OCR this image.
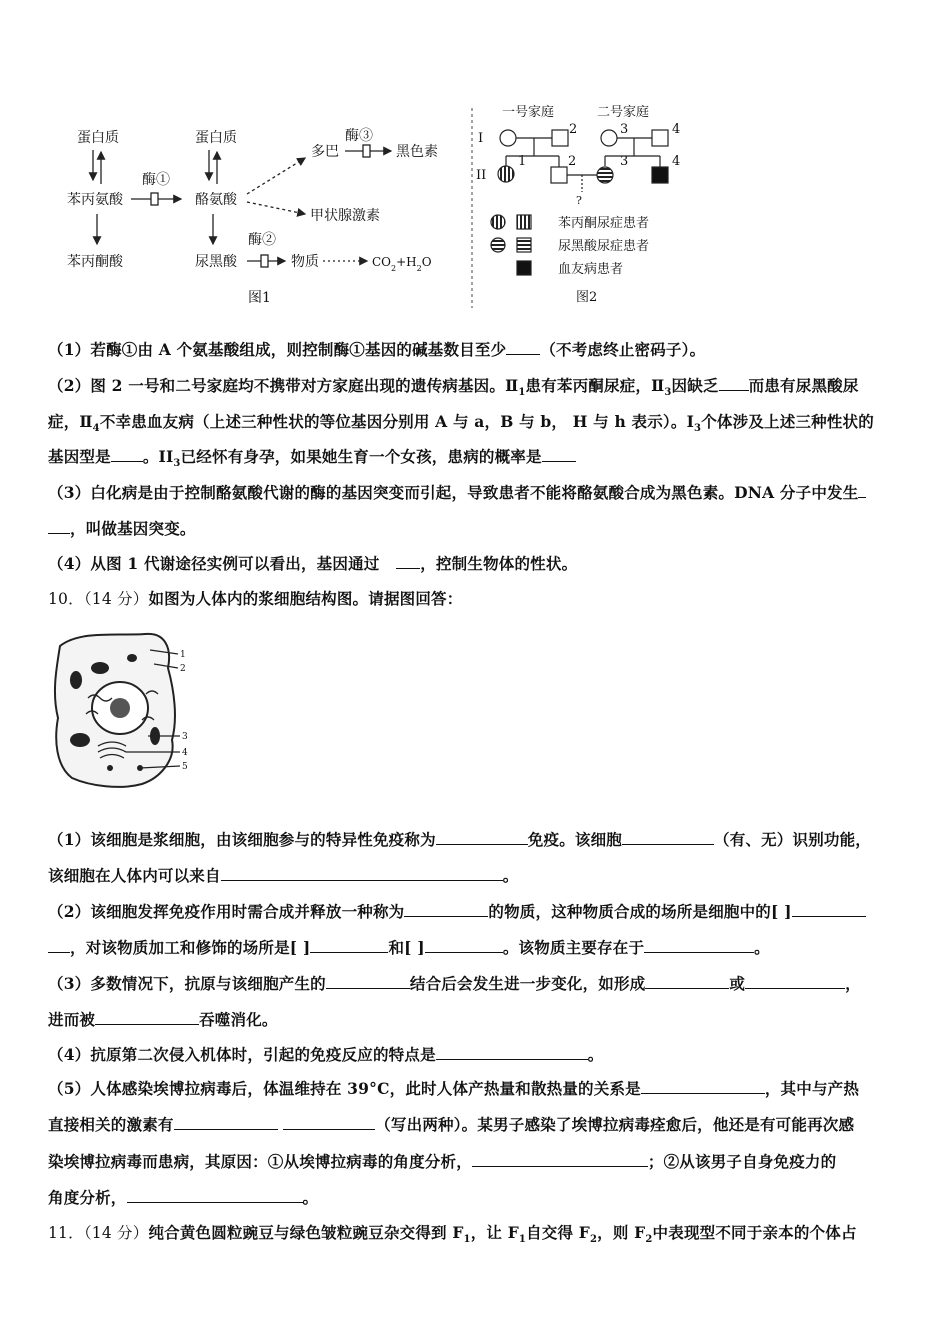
蛋白质
苯丙氨酸
苯丙酮酸
酶①
蛋白质
酪氨酸
尿黑酸
酶②
物质
多巴
酶③
黑色素
甲状腺激素
$CO_2+H_2O$
图1
一号家庭	二号家庭
I
II
2	3	4
1	2	3	4
?
苯丙酮尿症患者
尿黑酸尿症患者
血友病患者
图2
（1）若酶①由 A 个氨基酸组成，则控制酶①基因的碱基数目至少 （不考虑终止密码子）。
（2）图 2 一号和二号家庭均不携带对方家庭出现的遗传病基因。$Ⅱ_1$患有苯丙酮尿症，$Ⅱ_3$因缺乏 而患有尿黑酸尿
症，$Ⅱ_4$不幸患血友病（上述三种性状的等位基因分别用 A 与 a，B 与 b， H 与 h 表示）。$I_3$个体涉及上述三种性状的
基因型是 。$II_3$已经怀有身孕，如果她生育一个女孩，患病的概率是
（3）白化病是由于控制酪氨酸代谢的酶的基因突变而引起，导致患者不能将酪氨酸合成为黑色素。DNA 分子中发生
，叫做基因突变。
（4）从图 1 代谢途径实例可以看出，基因通过	，控制生物体的性状。
10．（14 分）如图为人体内的浆细胞结构图。请据图回答：
1
2
3
4
5
（1）该细胞是浆细胞，由该细胞参与的特异性免疫称为	免疫。该细胞	（有、无）识别功能，
该细胞在人体内可以来自	。
（2）该细胞发挥免疫作用时需合成并释放一种称为	的物质，这种物质合成的场所是细胞中的[ ]
，对该物质加工和修饰的场所是[ ]	和[ ]	。该物质主要存在于	。
（3）多数情况下，抗原与该细胞产生的	结合后会发生进一步变化，如形成	或	，
进而被	吞噬消化。
（4）抗原第二次侵入机体时，引起的免疫反应的特点是	。
（5）人体感染埃博拉病毒后，体温维持在 39°C，此时人体产热量和散热量的关系是	，其中与产热
直接相关的激素有	（写出两种）。某男子感染了埃博拉病毒痊愈后，他还是有可能再次感
染埃博拉病毒而患病，其原因：①从埃博拉病毒的角度分析，	；②从该男子自身免疫力的
角度分析，	。
11．（14 分）纯合黄色圆粒豌豆与绿色皱粒豌豆杂交得到 $F_1$，让 $F_1$自交得 $F_2$，则 $F_2$中表现型不同于亲本的个体占
